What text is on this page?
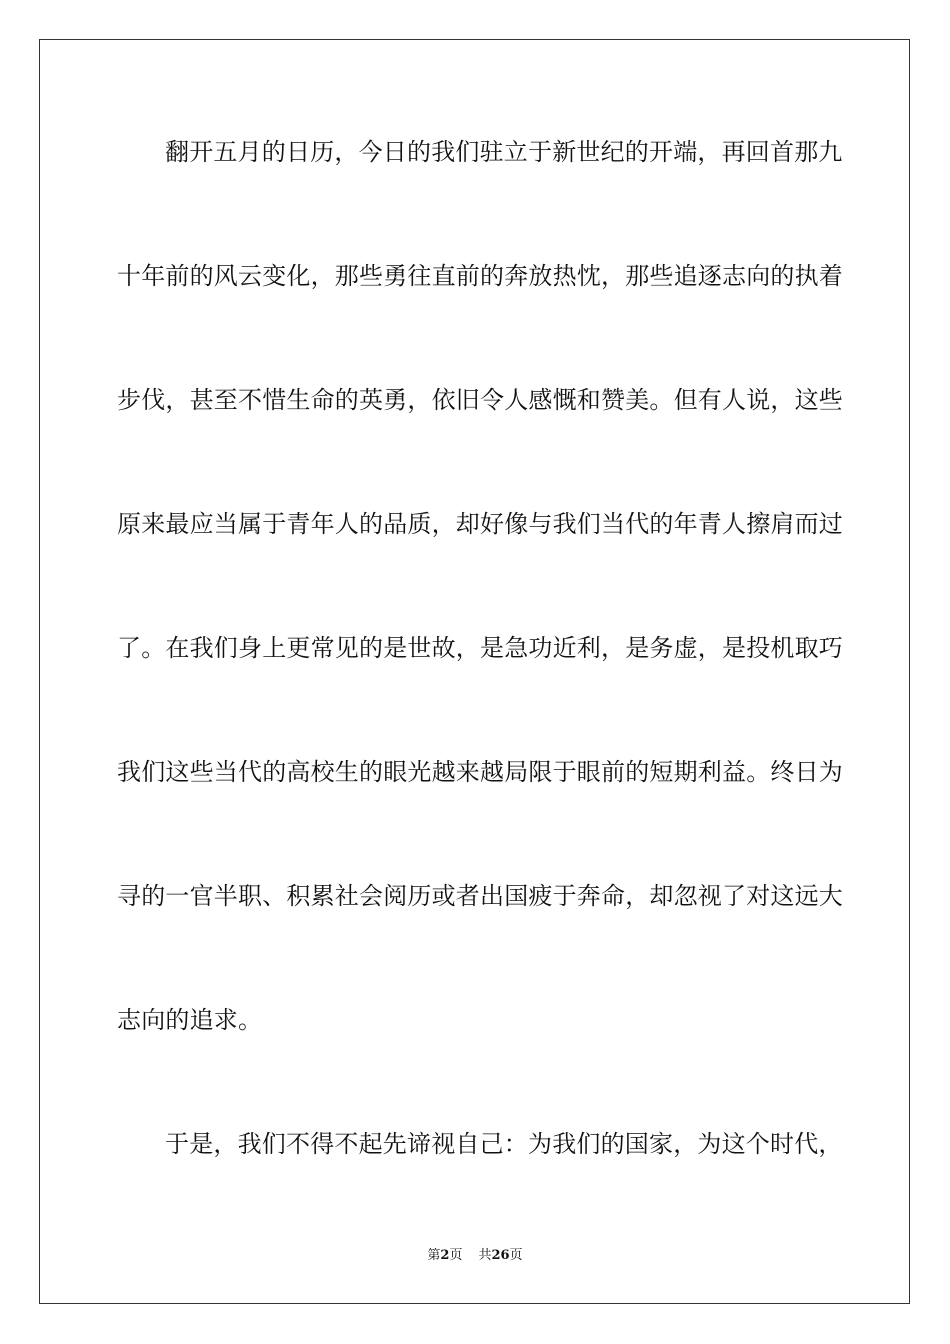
翻开五月的日历，今日的我们驻立于新世纪的开端，再回首那九
十年前的风云变化，那些勇往直前的奔放热忱，那些追逐志向的执着
步伐，甚至不惜生命的英勇，依旧令人感慨和赞美。但有人说，这些
原来最应当属于青年人的品质，却好像与我们当代的年青人擦肩而过
了。在我们身上更常见的是世故，是急功近利，是务虚，是投机取巧
我们这些当代的高校生的眼光越来越局限于眼前的短期利益。终日为
寻的一官半职、积累社会阅历或者出国疲于奔命，却忽视了对这远大
志向的追求。
于是，我们不得不起先谛视自己：为我们的国家，为这个时代，
第2页 共26页
